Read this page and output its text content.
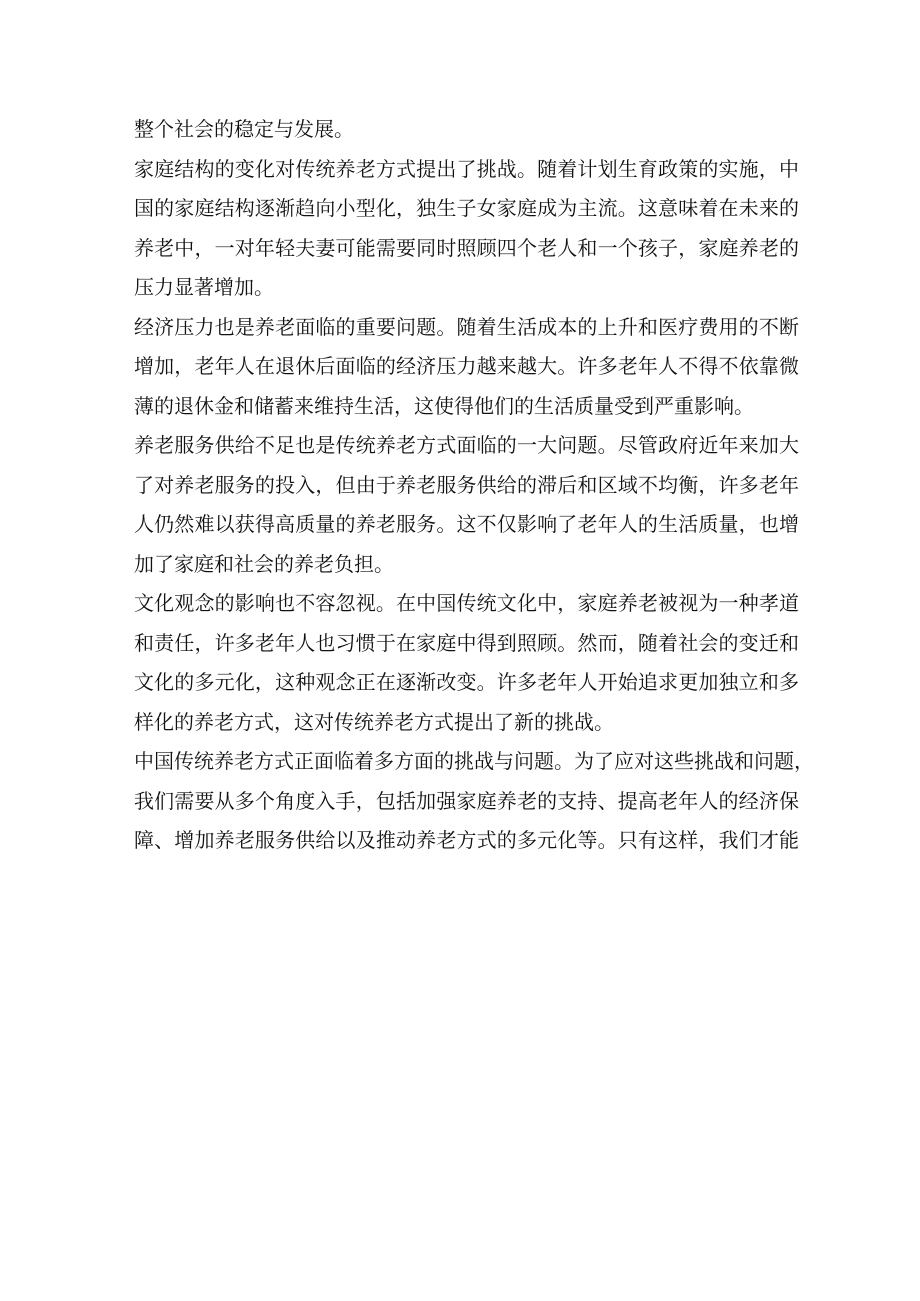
整个社会的稳定与发展。
家庭结构的变化对传统养老方式提出了挑战。随着计划生育政策的实施，中
国的家庭结构逐渐趋向小型化，独生子女家庭成为主流。这意味着在未来的
养老中，一对年轻夫妻可能需要同时照顾四个老人和一个孩子，家庭养老的
压力显著增加。
经济压力也是养老面临的重要问题。随着生活成本的上升和医疗费用的不断
增加，老年人在退休后面临的经济压力越来越大。许多老年人不得不依靠微
薄的退休金和储蓄来维持生活，这使得他们的生活质量受到严重影响。
养老服务供给不足也是传统养老方式面临的一大问题。尽管政府近年来加大
了对养老服务的投入，但由于养老服务供给的滞后和区域不均衡，许多老年
人仍然难以获得高质量的养老服务。这不仅影响了老年人的生活质量，也增
加了家庭和社会的养老负担。
文化观念的影响也不容忽视。在中国传统文化中，家庭养老被视为一种孝道
和责任，许多老年人也习惯于在家庭中得到照顾。然而，随着社会的变迁和
文化的多元化，这种观念正在逐渐改变。许多老年人开始追求更加独立和多
样化的养老方式，这对传统养老方式提出了新的挑战。
中国传统养老方式正面临着多方面的挑战与问题。为了应对这些挑战和问题，
我们需要从多个角度入手，包括加强家庭养老的支持、提高老年人的经济保
障、增加养老服务供给以及推动养老方式的多元化等。只有这样，我们才能
